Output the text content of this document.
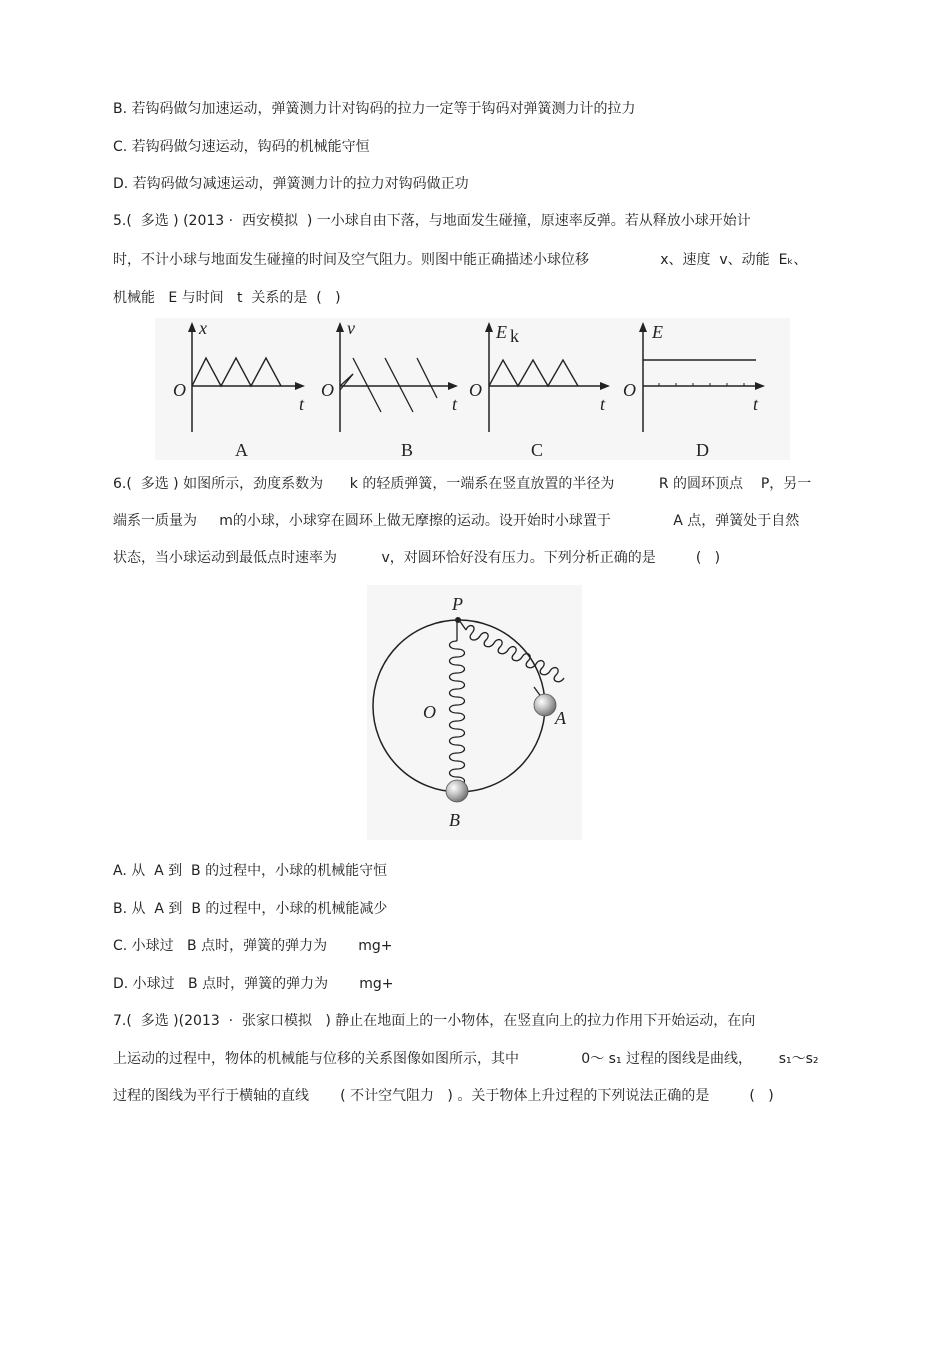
B. 若钩码做匀加速运动，弹簧测力计对钩码的拉力一定等于钩码对弹簧测力计的拉力
C. 若钩码做匀速运动，钩码的机械能守恒
D. 若钩码做匀减速运动，弹簧测力计的拉力对钩码做正功
5.(  多选 ) (2013 ·  西安模拟  ) 一小球自由下落，与地面发生碰撞，原速率反弹。若从释放小球开始计
时，不计小球与地面发生碰撞的时间及空气阻力。则图中能正确描述小球位移                x、速度  v、动能  Eₖ、
机械能   E 与时间   t  关系的是  (   )
x
O
t
A
v
O
t
B
E k
O
t
C
E
O
t
D
6.(  多选 ) 如图所示，劲度系数为      k 的轻质弹簧，一端系在竖直放置的半径为          R 的圆环顶点    P，另一
端系一质量为     m的小球，小球穿在圆环上做无摩擦的运动。设开始时小球置于              A 点，弹簧处于自然
状态，当小球运动到最低点时速率为          v，对圆环恰好没有压力。下列分析正确的是         (   )
P
O	A
B
A. 从  A 到  B 的过程中，小球的机械能守恒
B. 从  A 到  B 的过程中，小球的机械能减少
C. 小球过   B 点时，弹簧的弹力为       mg+
D. 小球过   B 点时，弹簧的弹力为       mg+
7.(  多选 )(2013  ·  张家口模拟   ) 静止在地面上的一小物体，在竖直向上的拉力作用下开始运动，在向
上运动的过程中，物体的机械能与位移的关系图像如图所示，其中              0～ s₁ 过程的图线是曲线，      s₁～s₂
过程的图线为平行于横轴的直线       ( 不计空气阻力   ) 。关于物体上升过程的下列说法正确的是         (   )
